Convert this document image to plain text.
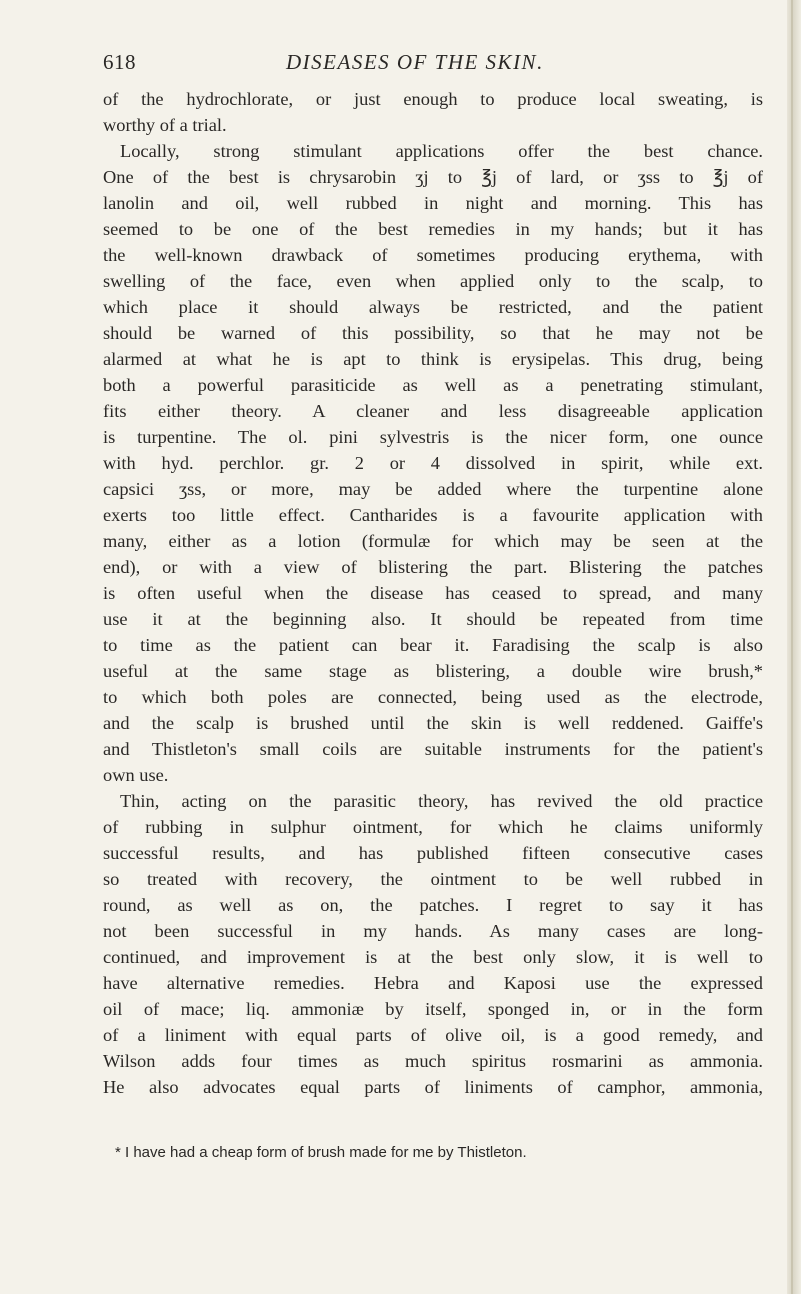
618	DISEASES OF THE SKIN.
of the hydrochlorate, or just enough to produce local sweating, is
worthy of a trial.
Locally, strong stimulant applications offer the best chance.
One of the best is chrysarobin ʒj to ℥j of lard, or ʒss to ℥j of
lanolin and oil, well rubbed in night and morning. This has
seemed to be one of the best remedies in my hands; but it has
the well-known drawback of sometimes producing erythema, with
swelling of the face, even when applied only to the scalp, to
which place it should always be restricted, and the patient
should be warned of this possibility, so that he may not be
alarmed at what he is apt to think is erysipelas. This drug, being
both a powerful parasiticide as well as a penetrating stimulant,
fits either theory. A cleaner and less disagreeable application
is turpentine. The ol. pini sylvestris is the nicer form, one ounce
with hyd. perchlor. gr. 2 or 4 dissolved in spirit, while ext.
capsici ʒss, or more, may be added where the turpentine alone
exerts too little effect. Cantharides is a favourite application with
many, either as a lotion (formulæ for which may be seen at the
end), or with a view of blistering the part. Blistering the patches
is often useful when the disease has ceased to spread, and many
use it at the beginning also. It should be repeated from time
to time as the patient can bear it. Faradising the scalp is also
useful at the same stage as blistering, a double wire brush,*
to which both poles are connected, being used as the electrode,
and the scalp is brushed until the skin is well reddened. Gaiffe's
and Thistleton's small coils are suitable instruments for the patient's
own use.
Thin, acting on the parasitic theory, has revived the old practice
of rubbing in sulphur ointment, for which he claims uniformly
successful results, and has published fifteen consecutive cases
so treated with recovery, the ointment to be well rubbed in
round, as well as on, the patches. I regret to say it has
not been successful in my hands. As many cases are long-
continued, and improvement is at the best only slow, it is well to
have alternative remedies. Hebra and Kaposi use the expressed
oil of mace; liq. ammoniæ by itself, sponged in, or in the form
of a liniment with equal parts of olive oil, is a good remedy, and
Wilson adds four times as much spiritus rosmarini as ammonia.
He also advocates equal parts of liniments of camphor, ammonia,
* I have had a cheap form of brush made for me by Thistleton.
